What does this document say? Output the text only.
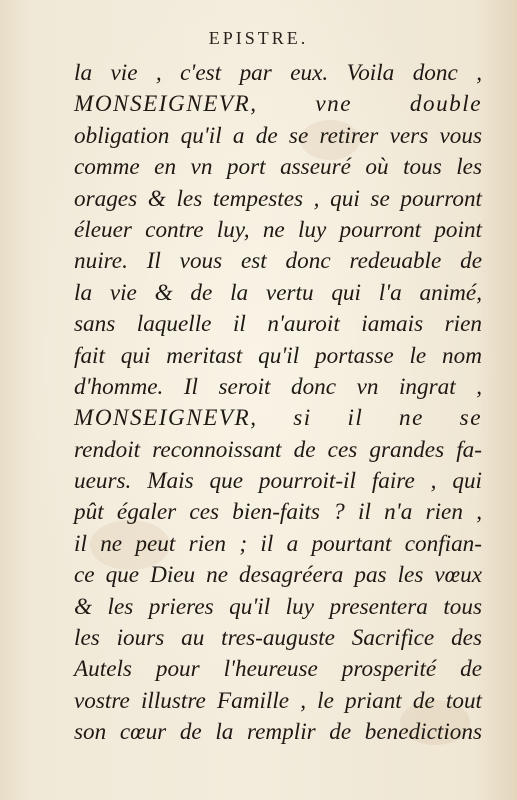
EPISTRE.
la vie , c'est par eux. Voila donc ,
MONSEIGNEVR, vne double
obligation qu'il a de se retirer vers vous
comme en vn port asseuré où tous les
orages & les tempestes , qui se pourront
éleuer contre luy, ne luy pourront point
nuire. Il vous est donc redeuable de
la vie & de la vertu qui l'a animé,
sans laquelle il n'auroit iamais rien
fait qui meritast qu'il portasse le nom
d'homme. Il seroit donc vn ingrat ,
MONSEIGNEVR, si il ne se
rendoit reconnoissant de ces grandes fa-
ueurs. Mais que pourroit-il faire , qui
pût égaler ces bien-faits ? il n'a rien ,
il ne peut rien ; il a pourtant confian-
ce que Dieu ne desagréera pas les vœux
& les prieres qu'il luy presentera tous
les iours au tres-auguste Sacrifice des
Autels pour l'heureuse prosperité de
vostre illustre Famille , le priant de tout
son cœur de la remplir de benedictions
